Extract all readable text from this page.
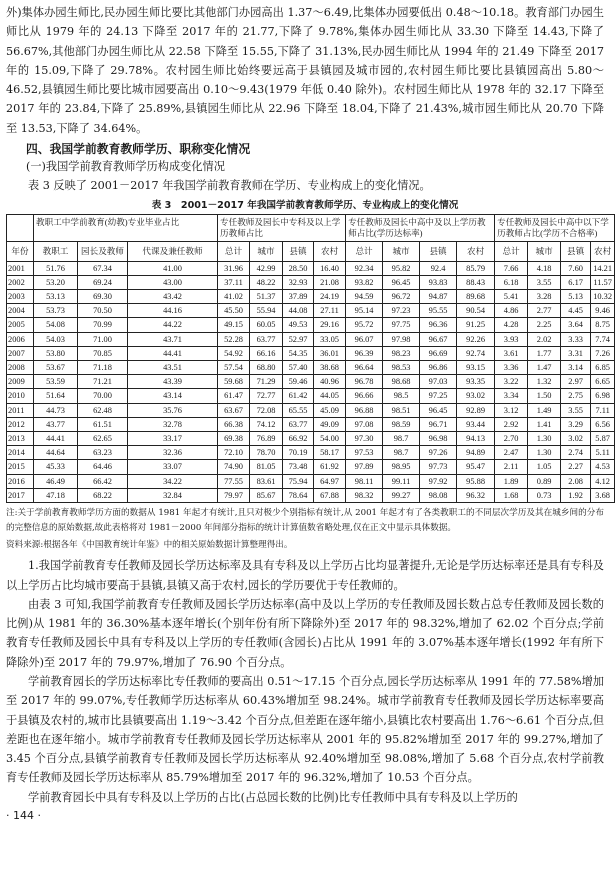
外)集体办园生师比,民办园生师比要比其他部门办园高出 1.37～6.49,比集体办园要低出 0.48～10.18。教育部门办园生师比从 1979 年的 24.13 下降至 2017 年的 21.77,下降了 9.78%,集体办园生师比从 33.30 下降至 14.43,下降了 56.67%,其他部门办园生师比从 22.58 下降至 15.55,下降了 31.13%,民办园生师比从 1994 年的 21.49 下降至 2017 年的 15.09,下降了 29.78%。农村园生师比始终要远高于县镇园及城市园的,农村园生师比要比县镇园高出 5.80～46.52,县镇园生师比要比城市园要高出 0.10～9.43(1979 年低 0.40 除外)。农村园生师比从 1978 年的 32.17 下降至 2017 年的 23.84,下降了 25.89%,县镇园生师比从 22.96 下降至 18.04,下降了 21.43%,城市园生师比从 20.70 下降至 13.53,下降了 34.64%。

四、我国学前教育教师学历、职称变化情况
(一)我国学前教育教师学历构成变化情况

表 3 反映了 2001－2017 年我国学前教育教师在学历、专业构成上的变化情况。

表 3　2001－2017 年我国学前教育教师学历、专业构成上的变化情况
	教职工中学前教育(幼教)专业毕业占比			专任教师及园长中专科及以上学历教师占比				专任教师及园长中高中及以上学历教师占比(学历达标率)				专任教师及园长中高中以下学历教师占比(学历不合格率)			
年份	教职工	园长及教师	代课及兼任教师	总计	城市	县镇	农村	总计	城市	县镇	农村	总计	城市	县镇	农村
2001	51.76	67.34	41.00	31.96	42.99	28.50	16.40	92.34	95.82	92.4	85.79	7.66	4.18	7.60	14.21
2002	53.20	69.24	43.00	37.11	48.22	32.93	21.08	93.82	96.45	93.83	88.43	6.18	3.55	6.17	11.57
2003	53.13	69.30	43.42	41.02	51.37	37.89	24.19	94.59	96.72	94.87	89.68	5.41	3.28	5.13	10.32
2004	53.73	70.50	44.16	45.50	55.94	44.08	27.11	95.14	97.23	95.55	90.54	4.86	2.77	4.45	9.46
2005	54.08	70.99	44.22	49.15	60.05	49.53	29.16	95.72	97.75	96.36	91.25	4.28	2.25	3.64	8.75
2006	54.03	71.00	43.71	52.28	63.77	52.97	33.05	96.07	97.98	96.67	92.26	3.93	2.02	3.33	7.74
2007	53.80	70.85	44.41	54.92	66.16	54.35	36.01	96.39	98.23	96.69	92.74	3.61	1.77	3.31	7.26
2008	53.67	71.18	43.51	57.54	68.80	57.40	38.68	96.64	98.53	96.86	93.15	3.36	1.47	3.14	6.85
2009	53.59	71.21	43.39	59.68	71.29	59.46	40.96	96.78	98.68	97.03	93.35	3.22	1.32	2.97	6.65
2010	51.64	70.00	43.14	61.47	72.77	61.42	44.05	96.66	98.5	97.25	93.02	3.34	1.50	2.75	6.98
2011	44.73	62.48	35.76	63.67	72.08	65.55	45.09	96.88	98.51	96.45	92.89	3.12	1.49	3.55	7.11
2012	43.77	61.51	32.78	66.38	74.12	63.77	49.09	97.08	98.59	96.71	93.44	2.92	1.41	3.29	6.56
2013	44.41	62.65	33.17	69.38	76.89	66.92	54.00	97.30	98.7	96.98	94.13	2.70	1.30	3.02	5.87
2014	44.64	63.23	32.36	72.10	78.70	70.19	58.17	97.53	98.7	97.26	94.89	2.47	1.30	2.74	5.11
2015	45.33	64.46	33.07	74.90	81.05	73.48	61.92	97.89	98.95	97.73	95.47	2.11	1.05	2.27	4.53
2016	46.49	66.42	34.22	77.55	83.61	75.94	64.97	98.11	99.11	97.92	95.88	1.89	0.89	2.08	4.12
2017	47.18	68.22	32.84	79.97	85.67	78.64	67.88	98.32	99.27	98.08	96.32	1.68	0.73	1.92	3.68

注:关于学前教育教师学历方面的数据从 1981 年起才有统计,且只对极少个别指标有统计,从 2001 年起才有了各类教职工的不同层次学历及其在城乡间的分布的完整信息的原始数据,故此表格将对 1981－2000 年间部分指标的统计计算值数省略处理,仅在正文中显示具体数据。

资料来源:根据各年《中国教育统计年鉴》中的相关原始数据计算整理得出。

1.我国学前教育专任教师及园长学历达标率及具有专科及以上学历占比均显著提升,无论是学历达标率还是具有专科及以上学历占比均城市要高于县镇,县镇又高于农村,园长的学历要优于专任教师的。

由表 3 可知,我国学前教育专任教师及园长学历达标率(高中及以上学历的专任教师及园长数占总专任教师及园长数的比例)从 1981 年的 36.30%基本逐年增长(个别年份有所下降除外)至 2017 年的 98.32%,增加了 62.02 个百分点;学前教育专任教师及园长中具有专科及以上学历的专任教师(含园长)占比从 1991 年的 3.07%基本逐年增长(1992 年有所下降除外)至 2017 年的 79.97%,增加了 76.90 个百分点。

学前教育园长的学历达标率比专任教师的要高出 0.51～17.15 个百分点,园长学历达标率从 1991 年的 77.58%增加至 2017 年的 99.07%,专任教师学历达标率从 60.43%增加至 98.24%。城市学前教育专任教师及园长学历达标率要高于县镇及农村的,城市比县镇要高出 1.19～3.42 个百分点,但差距在逐年缩小,县镇比农村要高出 1.76～6.61 个百分点,但差距也在逐年缩小。城市学前教育专任教师及园长学历达标率从 2001 年的 95.82%增加至 2017 年的 99.27%,增加了 3.45 个百分点,县镇学前教育专任教师及园长学历达标率从 92.40%增加至 98.08%,增加了 5.68 个百分点,农村学前教育专任教师及园长学历达标率从 85.79%增加至 2017 年的 96.32%,增加了 10.53 个百分点。

学前教育园长中具有专科及以上学历的占比(占总园长数的比例)比专任教师中具有专科及以上学历的

· 144 ·
